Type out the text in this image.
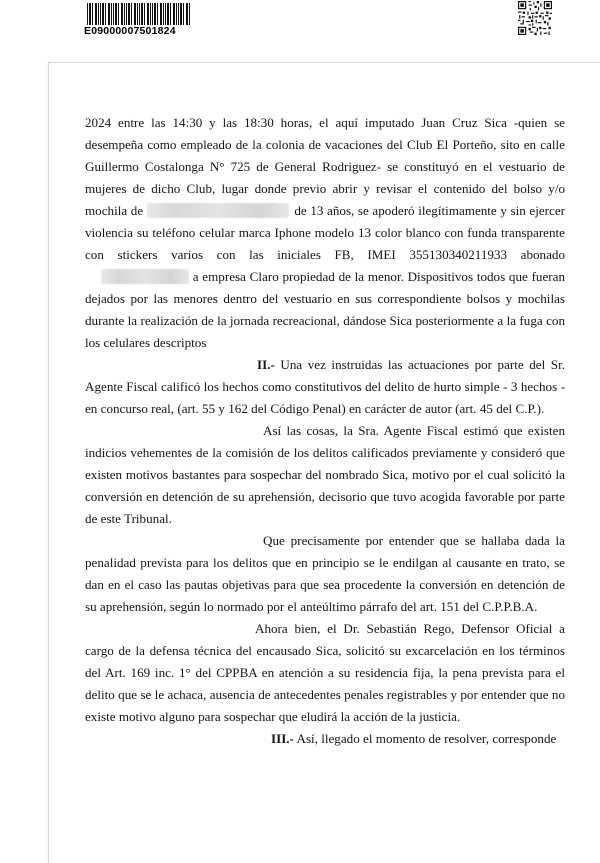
E09000007501824

2024 entre las 14:30 y las 18:30 horas, el aquí imputado Juan Cruz Sica -quien se desempeña como empleado de la colonia de vacaciones del Club El Porteño, sito en calle Guillermo Costalonga N° 725 de General Rodriguez- se constituyó en el vestuario de mujeres de dicho Club, lugar donde previo abrir y revisar el contenido del bolso y/o mochila de	de 13 años, se apoderó ilegítimamente y sin ejercer violencia su teléfono celular marca Iphone modelo 13 color blanco con funda transparente con stickers varios con las iniciales FB, IMEI 355130340211933 abonado a empresa Claro propiedad de la menor. Dispositivos todos que fueran dejados por las menores dentro del vestuario en sus correspondiente bolsos y mochilas durante la realización de la jornada recreacional, dándose Sica posteriormente a la fuga con los celulares descriptos

II.- Una vez instruidas las actuaciones por parte del Sr. Agente Fiscal calificó los hechos como constitutivos del delito de hurto simple - 3 hechos - en concurso real, (art. 55 y 162 del Código Penal) en carácter de autor (art. 45 del C.P.).

Así las cosas, la Sra. Agente Fiscal estimó que existen indicios vehementes de la comisión de los delitos calificados previamente y consideró que existen motivos bastantes para sospechar del nombrado Sica, motivo por el cual solicitó la conversión en detención de su aprehensión, decisorio que tuvo acogida favorable por parte de este Tribunal.

Que precisamente por entender que se hallaba dada la penalidad prevista para los delitos que en principio se le endilgan al causante en trato, se dan en el caso las pautas objetivas para que sea procedente la conversión en detención de su aprehensión, según lo normado por el anteúltimo párrafo del art. 151 del C.P.P.B.A.

Ahora bien, el Dr. Sebastián Rego, Defensor Oficial a cargo de la defensa técnica del encausado Sica, solicitó su excarcelación en los términos del Art. 169 inc. 1° del CPPBA en atención a su residencia fija, la pena prevista para el delito que se le achaca, ausencia de antecedentes penales registrables y por entender que no existe motivo alguno para sospechar que eludirá la acción de la justicia.

III.- Así, llegado el momento de resolver, corresponde
